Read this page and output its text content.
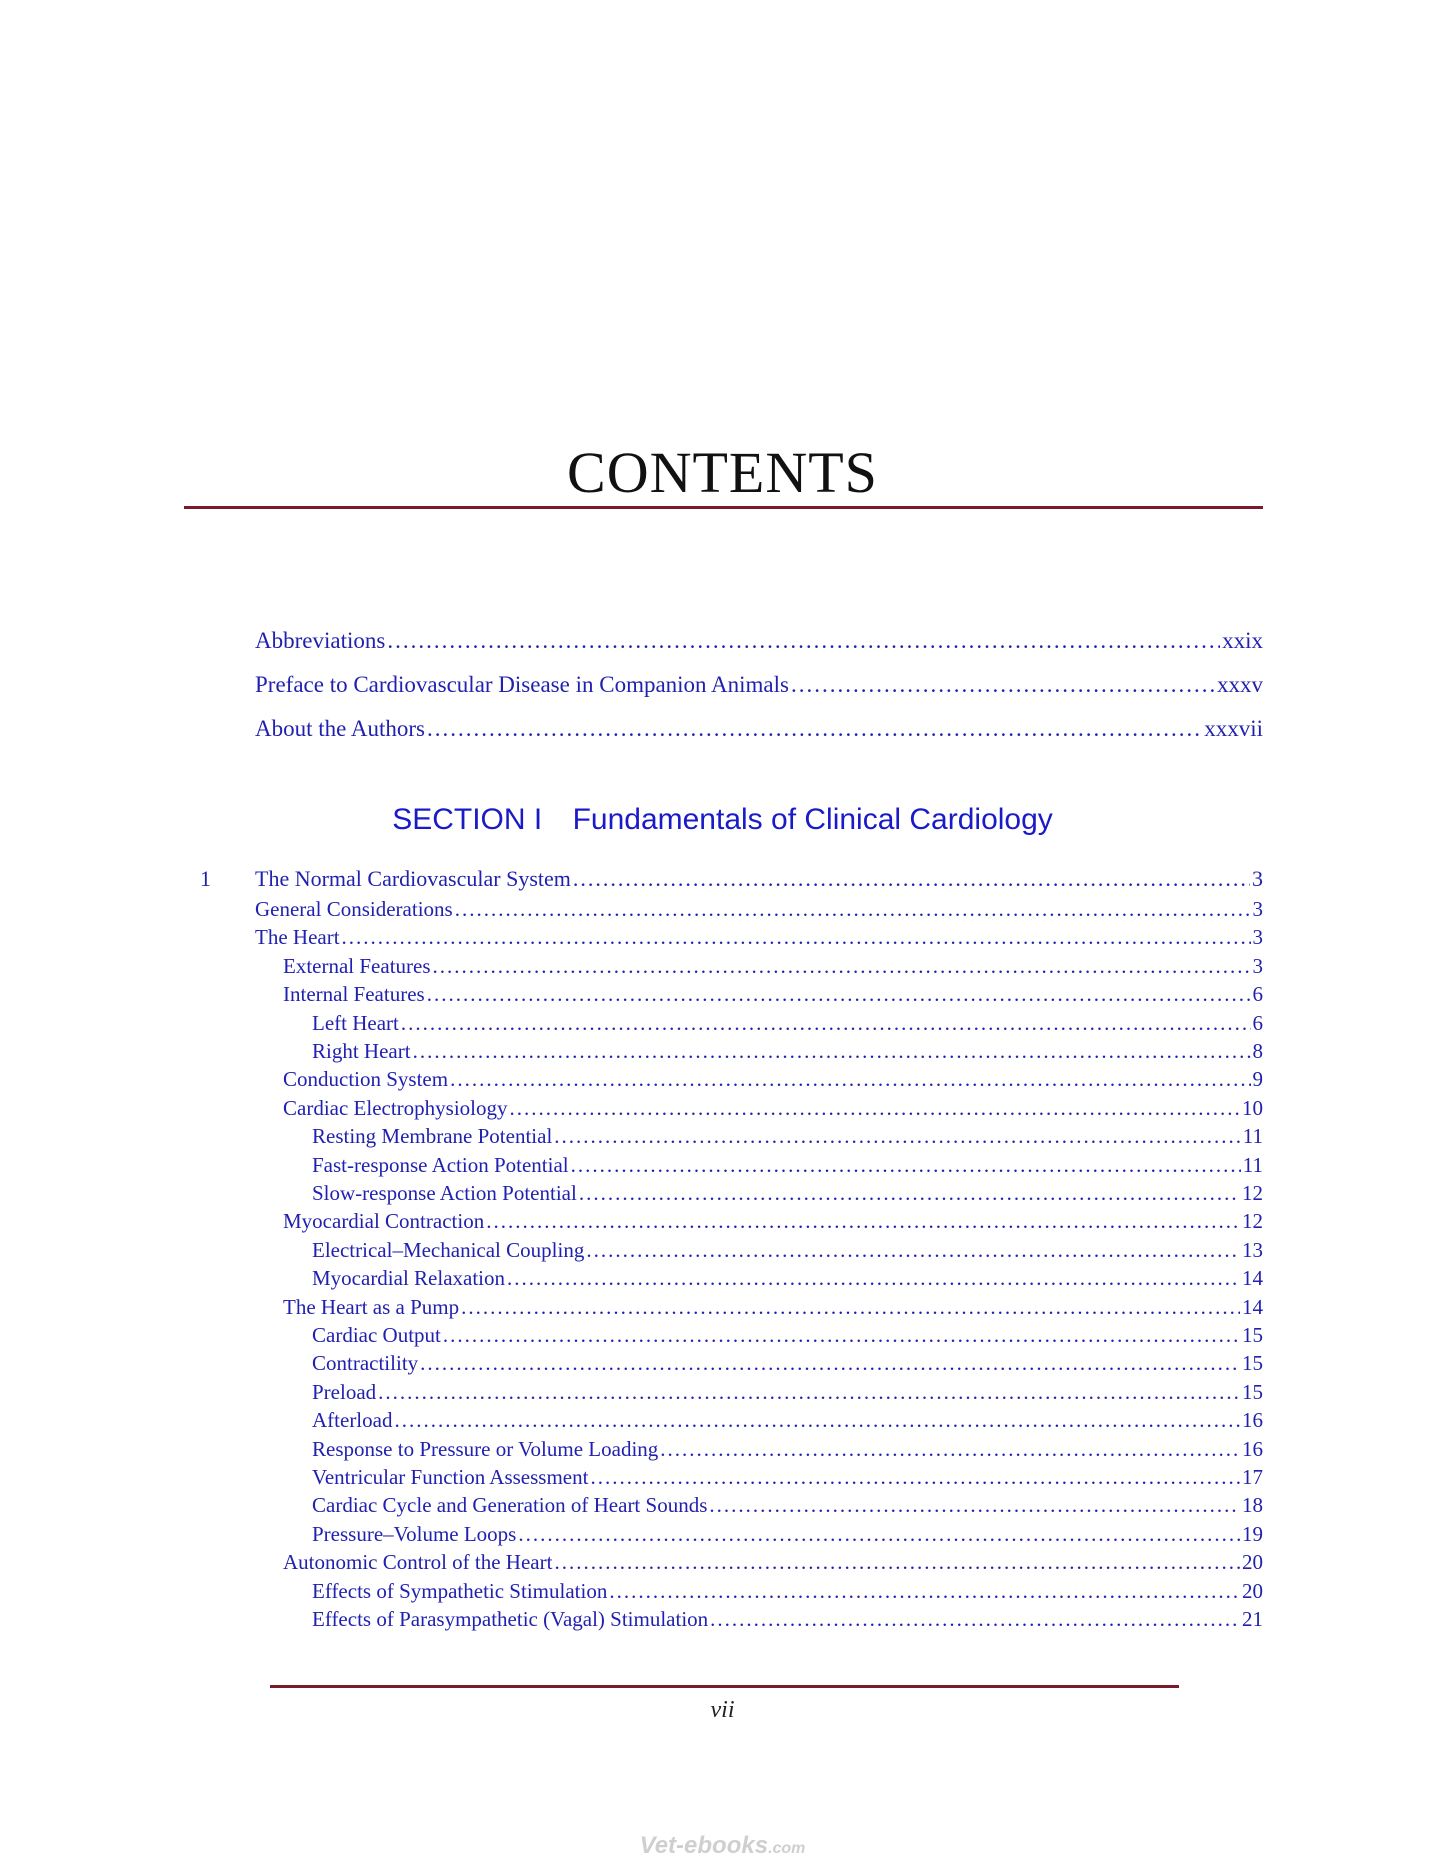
CONTENTS
Abbreviations .....	xxix
Preface to Cardiovascular Disease in Companion Animals .....	xxxv
About the Authors .....	xxxvii
SECTION I Fundamentals of Clinical Cardiology
1 The Normal Cardiovascular System .....	3
General Considerations .....	3
The Heart .....	3
External Features .....	3
Internal Features .....	6
Left Heart .....	6
Right Heart .....	8
Conduction System .....	9
Cardiac Electrophysiology .....	10
Resting Membrane Potential .....	11
Fast-response Action Potential .....	11
Slow-response Action Potential .....	12
Myocardial Contraction .....	12
Electrical–Mechanical Coupling .....	13
Myocardial Relaxation .....	14
The Heart as a Pump .....	14
Cardiac Output .....	15
Contractility .....	15
Preload .....	15
Afterload .....	16
Response to Pressure or Volume Loading .....	16
Ventricular Function Assessment .....	17
Cardiac Cycle and Generation of Heart Sounds .....	18
Pressure–Volume Loops .....	19
Autonomic Control of the Heart .....	20
Effects of Sympathetic Stimulation .....	20
Effects of Parasympathetic (Vagal) Stimulation .....	21
vii
Vet-ebooks.com
